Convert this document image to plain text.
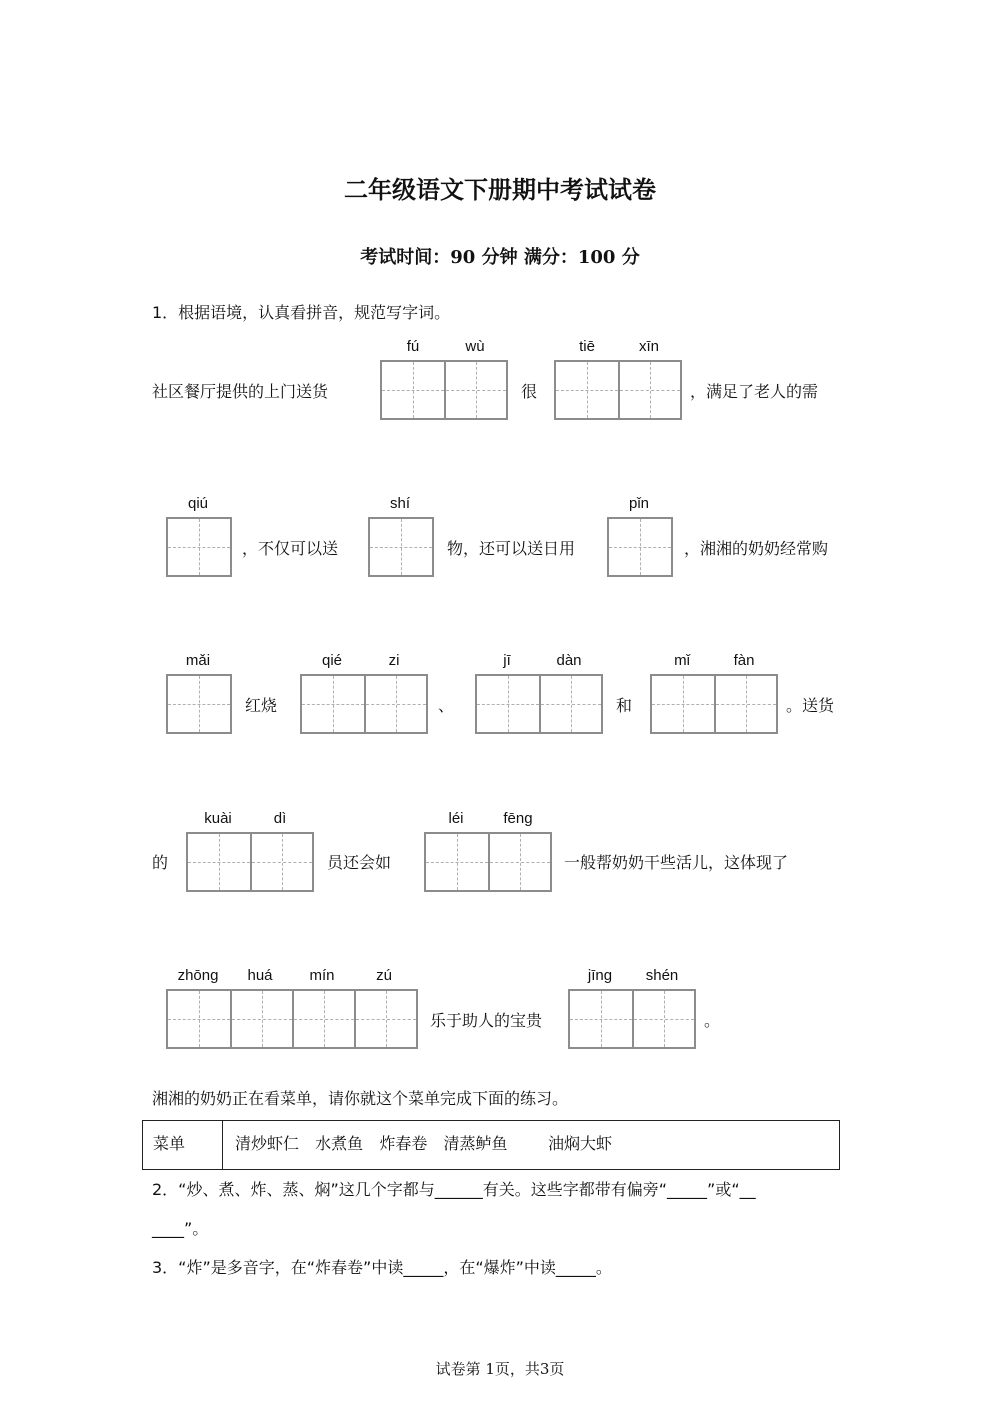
二年级语文下册期中考试试卷
考试时间：90 分钟 满分：100 分
1．根据语境，认真看拼音，规范写字词。
社区餐厅提供的上门送货
fú	wù
很
tiē	xīn
，满足了老人的需
qiú
，不仅可以送
shí
物，还可以送日用
pǐn
，湘湘的奶奶经常购
mǎi
红烧
qié	zi
、
jī	dàn
和
mǐ	fàn
。送货
的
kuài	dì
员还会如
léi	fēng
一般帮奶奶干些活儿，这体现了
zhōng	huá	mín	zú
乐于助人的宝贵
jīng	shén
。
湘湘的奶奶正在看菜单，请你就这个菜单完成下面的练习。
菜单	清炒虾仁  水煮鱼  炸春卷  清蒸鲈鱼     油焖大虾
2．“炒、煮、炸、蒸、焖”这几个字都与______有关。这些字都带有偏旁“_____”或“__
____”。
3．“炸”是多音字，在“炸春卷”中读_____，在“爆炸”中读_____。
试卷第 1页，共3页
